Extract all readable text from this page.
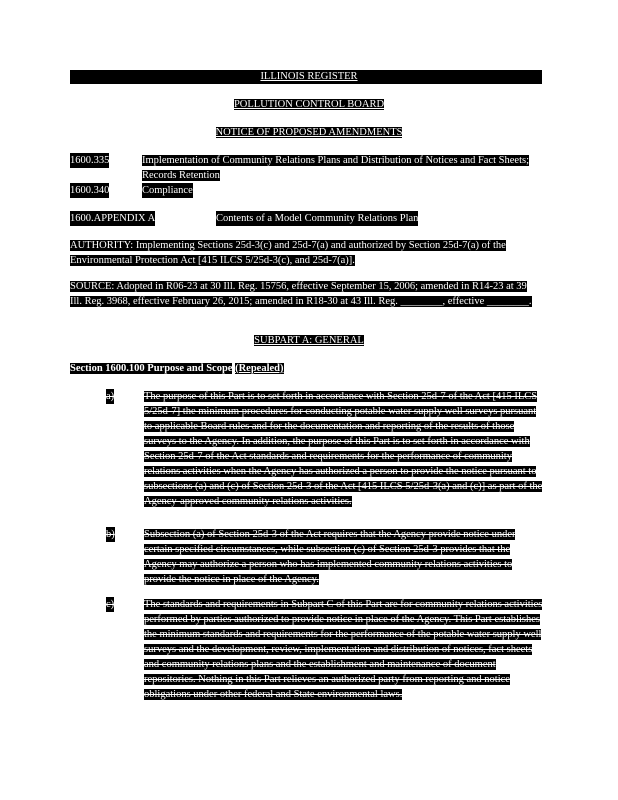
ILLINOIS REGISTER
POLLUTION CONTROL BOARD
NOTICE OF PROPOSED AMENDMENTS
1600.335	Implementation of Community Relations Plans and Distribution of Notices and Fact Sheets; Records Retention
1600.340	Compliance
1600.APPENDIX A	Contents of a Model Community Relations Plan
AUTHORITY: Implementing Sections 25d-3(c) and 25d-7(a) and authorized by Section 25d-7(a) of the Environmental Protection Act [415 ILCS 5/25d-3(c), and 25d-7(a)].
SOURCE: Adopted in R06-23 at 30 Ill. Reg. 15756, effective September 15, 2006; amended in R14-23 at 39 Ill. Reg. 3968, effective February 26, 2015; amended in R18-30 at 43 Ill. Reg. ________, effective ________.
SUBPART A: GENERAL
Section 1600.100 Purpose and Scope (Repealed)
a)	The purpose of this Part is to set forth in accordance with Section 25d-7 of the Act [415 ILCS 5/25d-7] the minimum procedures for conducting potable water supply well surveys pursuant to applicable Board rules and for the documentation and reporting of the results of those surveys to the Agency. In addition, the purpose of this Part is to set forth in accordance with Section 25d-7 of the Act standards and requirements for the performance of community relations activities when the Agency has authorized a person to provide the notice pursuant to subsections (a) and (c) of Section 25d-3 of the Act [415 ILCS 5/25d-3(a) and (c)] as part of the Agency-approved community relations activities.
b)	Subsection (a) of Section 25d-3 of the Act requires that the Agency provide notice under certain specified circumstances, while subsection (c) of Section 25d-3 provides that the Agency may authorize a person who has implemented community relations activities to provide the notice in place of the Agency.
c)	The standards and requirements in Subpart C of this Part are for community relations activities performed by parties authorized to provide notice in place of the Agency. This Part establishes the minimum standards and requirements for the performance of the potable water supply well surveys and the development, review, implementation and distribution of notices, fact sheets and community relations plans and the establishment and maintenance of document repositories. Nothing in this Part relieves an authorized party from reporting and notice obligations under other federal and State environmental laws.
